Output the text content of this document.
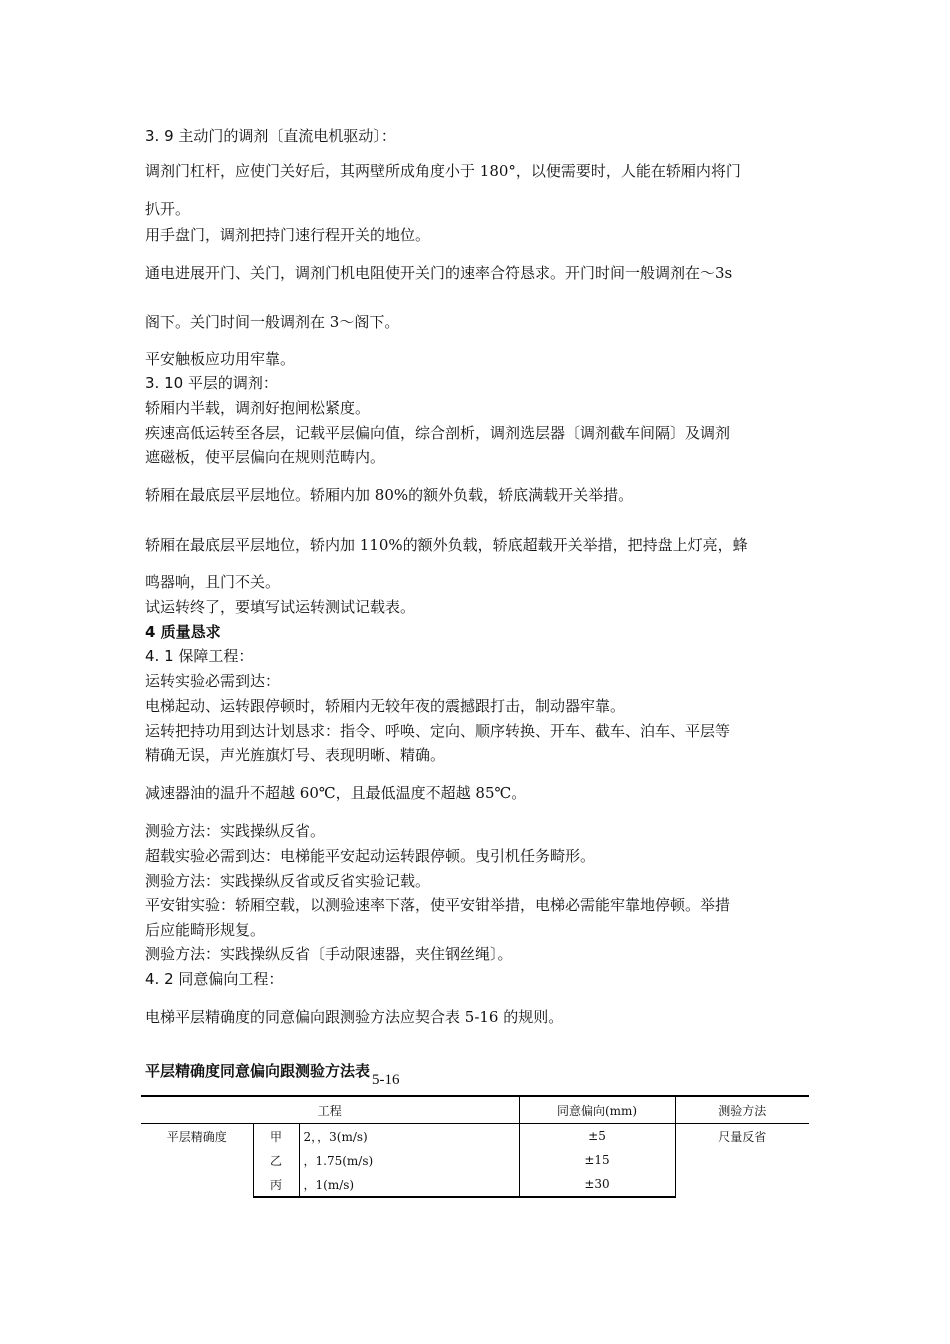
3. 9 主动门的调剂〔直流电机驱动〕：
调剂门杠杆，应使门关好后，其两壁所成角度小于 180°，以便需要时，人能在轿厢内将门
扒开。
用手盘门，调剂把持门速行程开关的地位。
通电进展开门、关门，调剂门机电阻使开关门的速率合符恳求。开门时间一般调剂在～3s
阁下。关门时间一般调剂在 3～阁下。
平安触板应功用牢靠。
3. 10 平层的调剂：
轿厢内半载，调剂好抱闸松紧度。
疾速高低运转至各层，记载平层偏向值，综合剖析，调剂选层器〔调剂截车间隔〕及调剂
遮磁板，使平层偏向在规则范畴内。
轿厢在最底层平层地位。轿厢内加 80%的额外负载，轿底满载开关举措。
轿厢在最底层平层地位，轿内加 110%的额外负载，轿底超载开关举措，把持盘上灯亮，蜂
鸣器响，且门不关。
试运转终了，要填写试运转测试记载表。
4 质量恳求
4. 1 保障工程：
运转实验必需到达：
电梯起动、运转跟停顿时，轿厢内无较年夜的震撼跟打击，制动器牢靠。
运转把持功用到达计划恳求：指令、呼唤、定向、顺序转换、开车、截车、泊车、平层等
精确无误，声光旌旗灯号、表现明晰、精确。
减速器油的温升不超越 60℃，且最低温度不超越 85℃。
测验方法：实践操纵反省。
超载实验必需到达：电梯能平安起动运转跟停顿。曳引机任务畸形。
测验方法：实践操纵反省或反省实验记载。
平安钳实验：轿厢空载，以测验速率下落，使平安钳举措，电梯必需能牢靠地停顿。举措
后应能畸形规复。
测验方法：实践操纵反省〔手动限速器，夹住钢丝绳〕。
4. 2 同意偏向工程：
电梯平层精确度的同意偏向跟测验方法应契合表 5-16 的规则。
平层精确度同意偏向跟测验方法表 5-16
工程			同意偏向(mm)	测验方法
平层精确度	甲	2，，3(m/s)	±5	尺量反省
	乙	，1.75(m/s)	±15	
	丙	，1(m/s)	±30	
